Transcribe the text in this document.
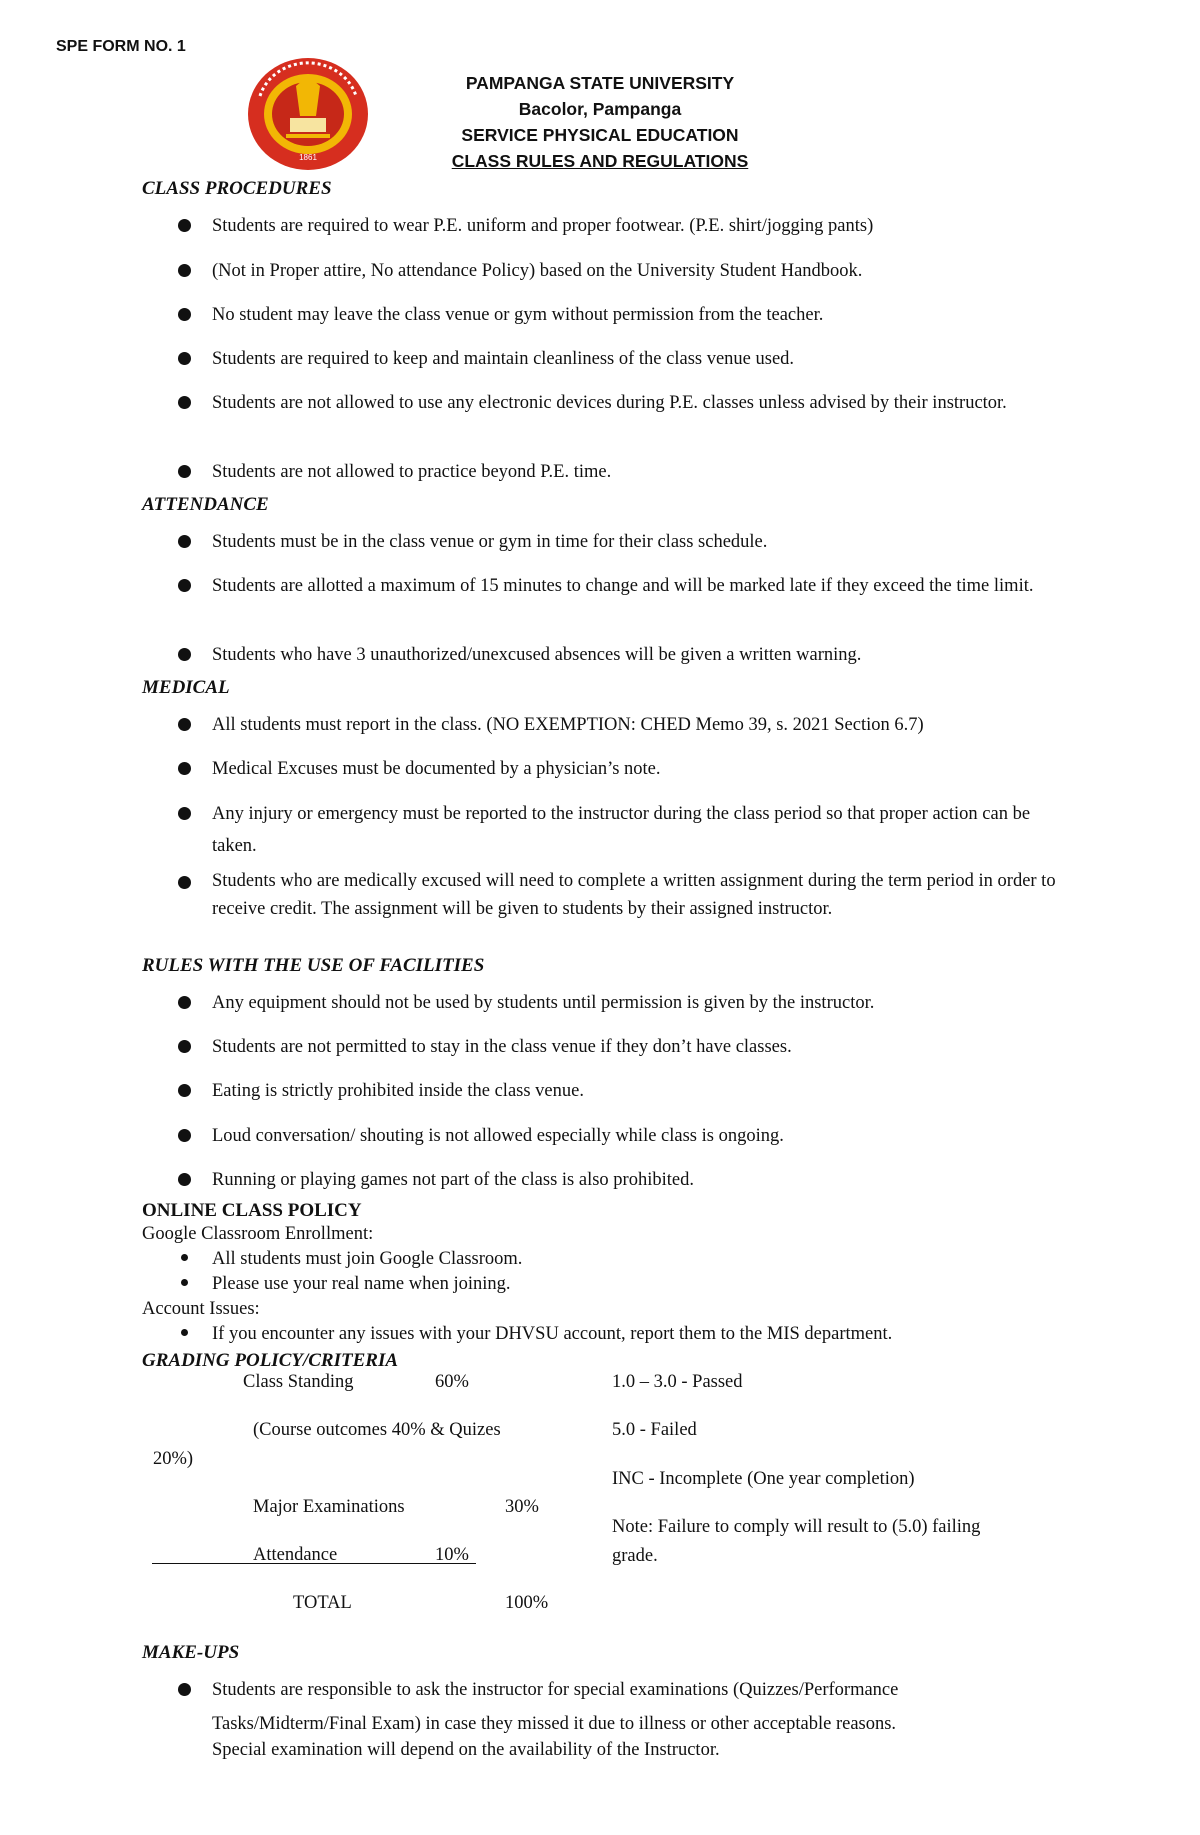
SPE FORM NO. 1
1861
PAMPANGA STATE UNIVERSITY
Bacolor, Pampanga
SERVICE PHYSICAL EDUCATION
CLASS RULES AND REGULATIONS
CLASS PROCEDURES
Students are required to wear P.E. uniform and proper footwear. (P.E. shirt/jogging pants)
(Not in Proper attire, No attendance Policy) based on the University Student Handbook.
No student may leave the class venue or gym without permission from the teacher.
Students are required to keep and maintain cleanliness of the class venue used.
Students are not allowed to use any electronic devices during P.E. classes unless advised by their instructor.
Students are not allowed to practice beyond P.E. time.
ATTENDANCE
Students must be in the class venue or gym in time for their class schedule.
Students are allotted a maximum of 15 minutes to change and will be marked late if they exceed the time limit.
Students who have 3 unauthorized/unexcused absences will be given a written warning.
MEDICAL
All students must report in the class. (NO EXEMPTION: CHED Memo 39, s. 2021 Section 6.7)
Medical Excuses must be documented by a physician’s note.
Any injury or emergency must be reported to the instructor during the class period so that proper action can be taken.
Students who are medically excused will need to complete a written assignment during the term period in order to receive credit. The assignment will be given to students by their assigned instructor.
RULES WITH THE USE OF FACILITIES
Any equipment should not be used by students until permission is given by the instructor.
Students are not permitted to stay in the class venue if they don’t have classes.
Eating is strictly prohibited inside the class venue.
Loud conversation/ shouting is not allowed especially while class is ongoing.
Running or playing games not part of the class is also prohibited.
ONLINE CLASS POLICY
Google Classroom Enrollment:
All students must join Google Classroom.
Please use your real name when joining.
Account Issues:
If you encounter any issues with your DHVSU account, report them to the MIS department.
GRADING POLICY/CRITERIA
Class Standing	60%
(Course outcomes 40% & Quizes
20%)
Major Examinations	30%
Attendance	10%
TOTAL	100%
1.0 – 3.0 - Passed
5.0 - Failed
INC - Incomplete (One year completion)
Note: Failure to comply will result to (5.0) failing
grade.
MAKE-UPS
Students are responsible to ask the instructor for special examinations (Quizzes/Performance
Tasks/Midterm/Final Exam) in case they missed it due to illness or other acceptable reasons.
Special examination will depend on the availability of the Instructor.
